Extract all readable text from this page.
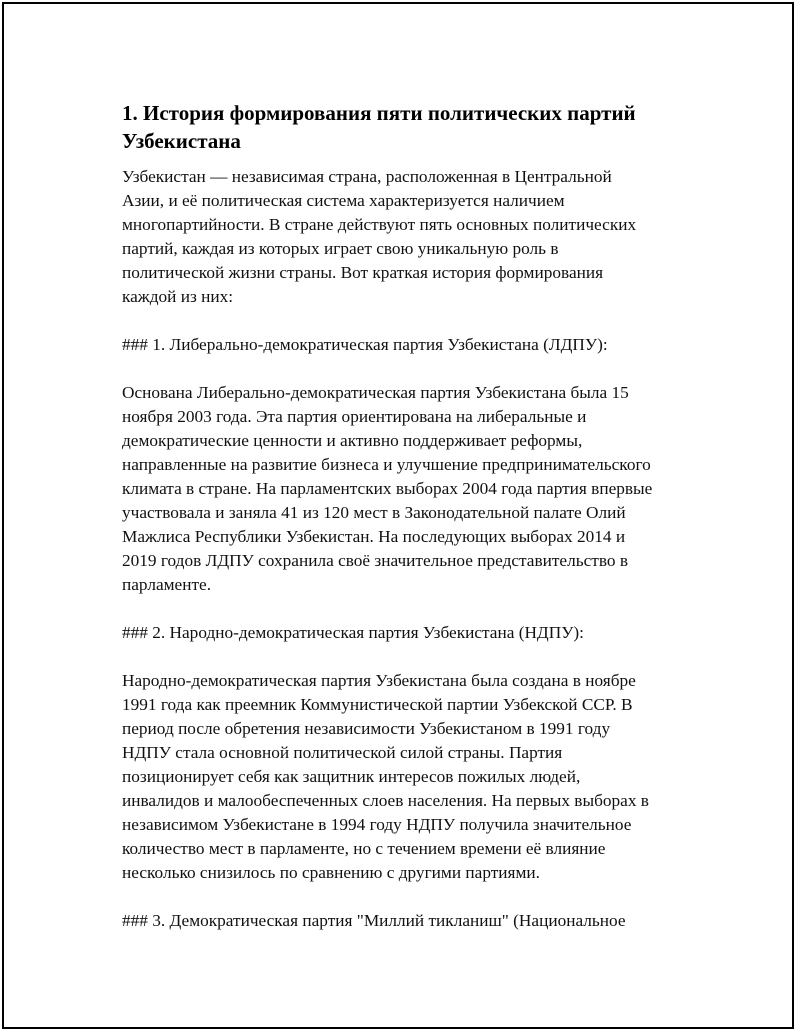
1. История формирования пяти политических партий
Узбекистана

Узбекистан — независимая страна, расположенная в Центральной
Азии, и её политическая система характеризуется наличием
многопартийности. В стране действуют пять основных политических
партий, каждая из которых играет свою уникальную роль в
политической жизни страны. Вот краткая история формирования
каждой из них:

### 1. Либерально-демократическая партия Узбекистана (ЛДПУ):

Основана Либерально-демократическая партия Узбекистана была 15
ноября 2003 года. Эта партия ориентирована на либеральные и
демократические ценности и активно поддерживает реформы,
направленные на развитие бизнеса и улучшение предпринимательского
климата в стране. На парламентских выборах 2004 года партия впервые
участвовала и заняла 41 из 120 мест в Законодательной палате Олий
Мажлиса Республики Узбекистан. На последующих выборах 2014 и
2019 годов ЛДПУ сохранила своё значительное представительство в
парламенте.

### 2. Народно-демократическая партия Узбекистана (НДПУ):

Народно-демократическая партия Узбекистана была создана в ноябре
1991 года как преемник Коммунистической партии Узбекской ССР. В
период после обретения независимости Узбекистаном в 1991 году
НДПУ стала основной политической силой страны. Партия
позиционирует себя как защитник интересов пожилых людей,
инвалидов и малообеспеченных слоев населения. На первых выборах в
независимом Узбекистане в 1994 году НДПУ получила значительное
количество мест в парламенте, но с течением времени её влияние
несколько снизилось по сравнению с другими партиями.

### 3. Демократическая партия "Миллий тикланиш" (Национальное
